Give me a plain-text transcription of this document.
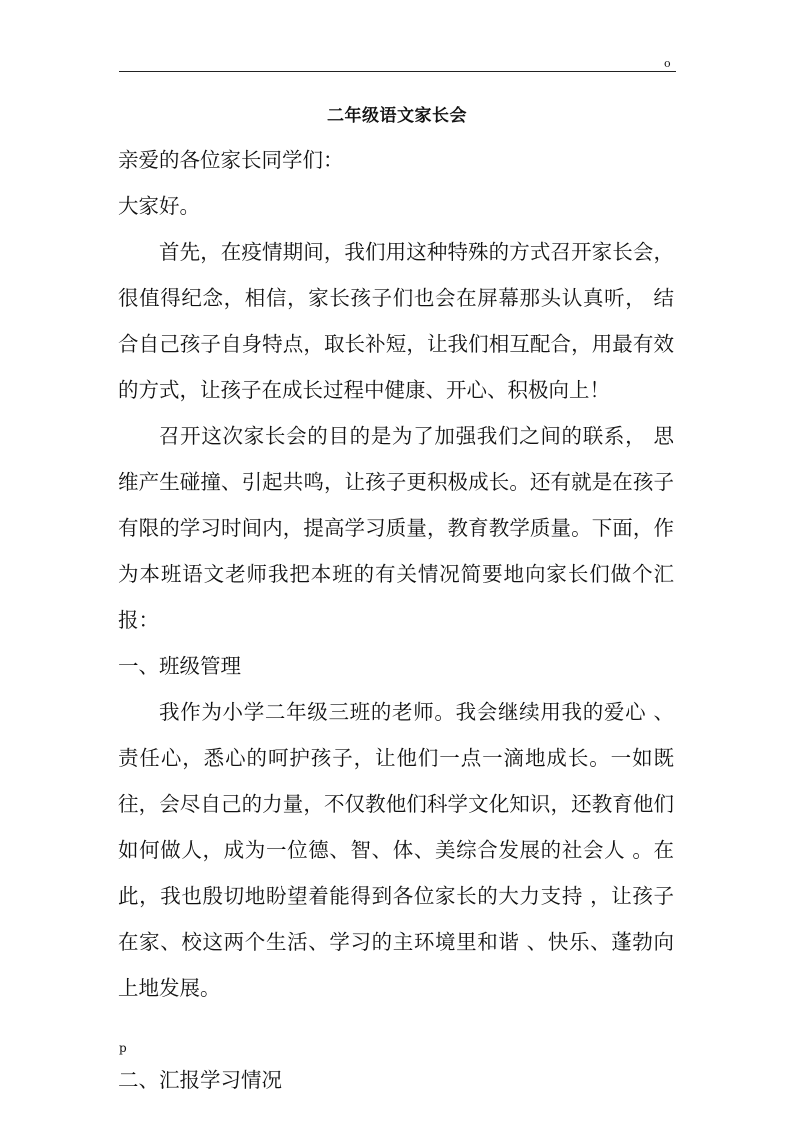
o
二年级语文家长会

亲爱的各位家长同学们：

大家好。

首先，在疫情期间，我们用这种特殊的方式召开家长会，很值得纪念，相信，家长孩子们也会在屏幕那头认真听， 结合自己孩子自身特点，取长补短，让我们相互配合，用最有效的方式，让孩子在成长过程中健康、开心、积极向上！

召开这次家长会的目的是为了加强我们之间的联系， 思维产生碰撞、引起共鸣，让孩子更积极成长。还有就是在孩子有限的学习时间内，提高学习质量，教育教学质量。下面，作为本班语文老师我把本班的有关情况简要地向家长们做个汇报：

一、班级管理

我作为小学二年级三班的老师。我会继续用我的爱心 、责任心，悉心的呵护孩子，让他们一点一滴地成长。一如既往，会尽自己的力量，不仅教他们科学文化知识，还教育他们如何做人，成为一位德、智、体、美综合发展的社会人 。在此，我也殷切地盼望着能得到各位家长的大力支持 ，让孩子在家、校这两个生活、学习的主环境里和谐 、快乐、蓬勃向上地发展。

二、汇报学习情况

p
